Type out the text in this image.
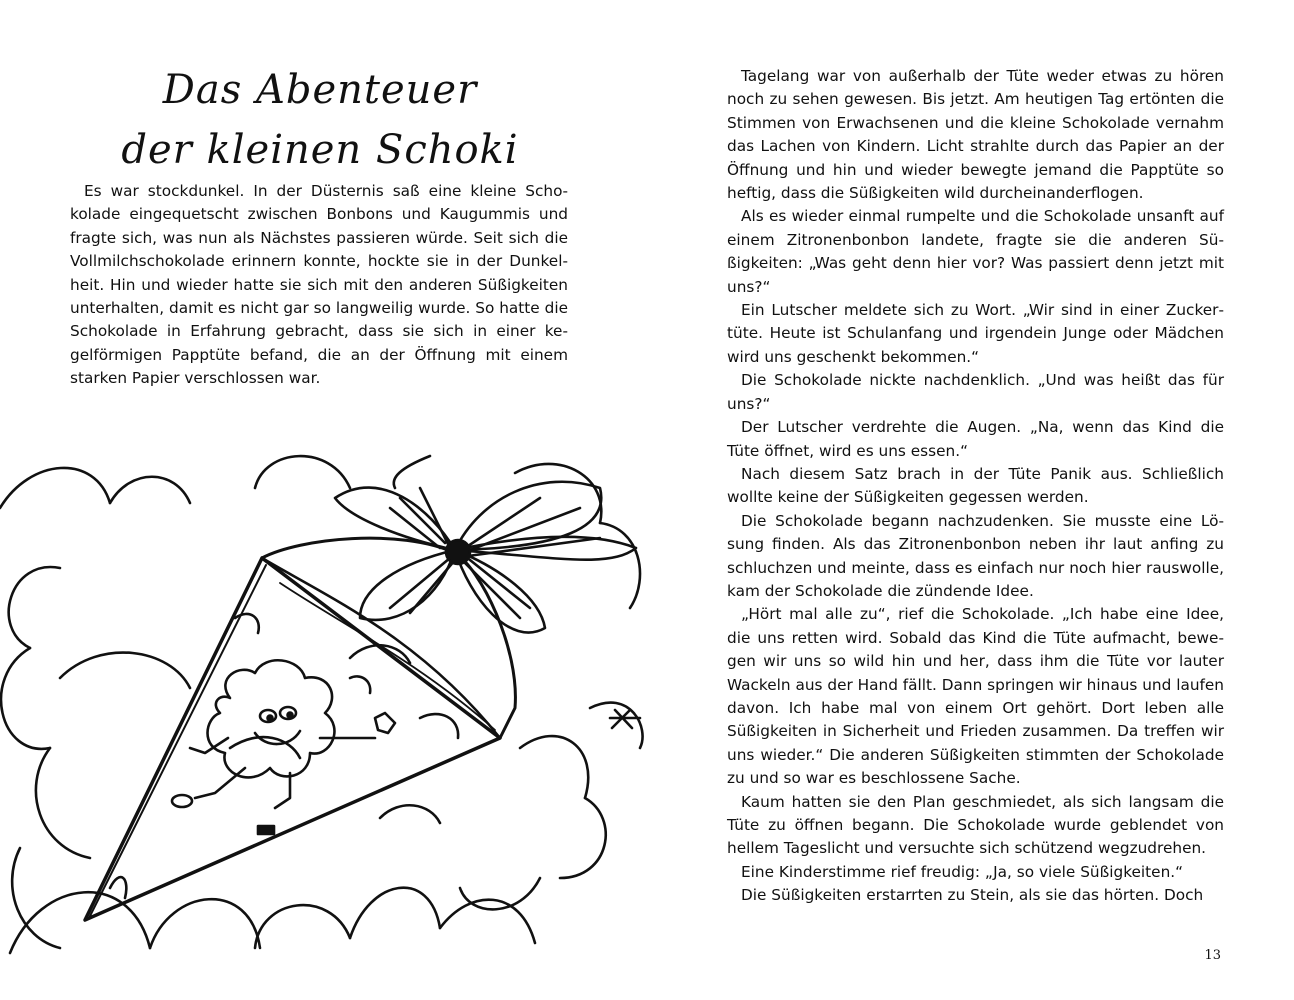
Das Abenteuer
der kleinen Schoki

Es war stockdunkel. In der Düsternis saß eine kleine Schokolade eingequetscht zwischen Bonbons und Kaugummis und fragte sich, was nun als Nächstes passieren würde. Seit sich die Vollmilchschokolade erinnern konnte, hockte sie in der Dunkelheit. Hin und wieder hatte sie sich mit den anderen Süßigkeiten unterhalten, damit es nicht gar so langweilig wurde. So hatte die Schokolade in Erfahrung gebracht, dass sie sich in einer kegelförmigen Papptüte befand, die an der Öffnung mit einem starken Papier verschlossen war.

Tagelang war von außerhalb der Tüte weder etwas zu hören noch zu sehen gewesen. Bis jetzt. Am heutigen Tag ertönten die Stimmen von Erwachsenen und die kleine Schokolade vernahm das Lachen von Kindern. Licht strahlte durch das Papier an der Öffnung und hin und wieder bewegte jemand die Papptüte so heftig, dass die Süßigkeiten wild durcheinanderflogen.

Als es wieder einmal rumpelte und die Schokolade unsanft auf einem Zitronenbonbon landete, fragte sie die anderen Süßigkeiten: „Was geht denn hier vor? Was passiert denn jetzt mit uns?“

Ein Lutscher meldete sich zu Wort. „Wir sind in einer Zuckertüte. Heute ist Schulanfang und irgendein Junge oder Mädchen wird uns geschenkt bekommen.“

Die Schokolade nickte nachdenklich. „Und was heißt das für uns?“

Der Lutscher verdrehte die Augen. „Na, wenn das Kind die Tüte öffnet, wird es uns essen.“

Nach diesem Satz brach in der Tüte Panik aus. Schließlich wollte keine der Süßigkeiten gegessen werden.

Die Schokolade begann nachzudenken. Sie musste eine Lösung finden. Als das Zitronenbonbon neben ihr laut anfing zu schluchzen und meinte, dass es einfach nur noch hier rauswolle, kam der Schokolade die zündende Idee.

„Hört mal alle zu“, rief die Schokolade. „Ich habe eine Idee, die uns retten wird. Sobald das Kind die Tüte aufmacht, bewegen wir uns so wild hin und her, dass ihm die Tüte vor lauter Wackeln aus der Hand fällt. Dann springen wir hinaus und laufen davon. Ich habe mal von einem Ort gehört. Dort leben alle Süßigkeiten in Sicherheit und Frieden zusammen. Da treffen wir uns wieder.“ Die anderen Süßigkeiten stimmten der Schokolade zu und so war es beschlossene Sache.

Kaum hatten sie den Plan geschmiedet, als sich langsam die Tüte zu öffnen begann. Die Schokolade wurde geblendet von hellem Tageslicht und versuchte sich schützend wegzudrehen.

Eine Kinderstimme rief freudig: „Ja, so viele Süßigkeiten.“

Die Süßigkeiten erstarrten zu Stein, als sie das hörten. Doch

13
